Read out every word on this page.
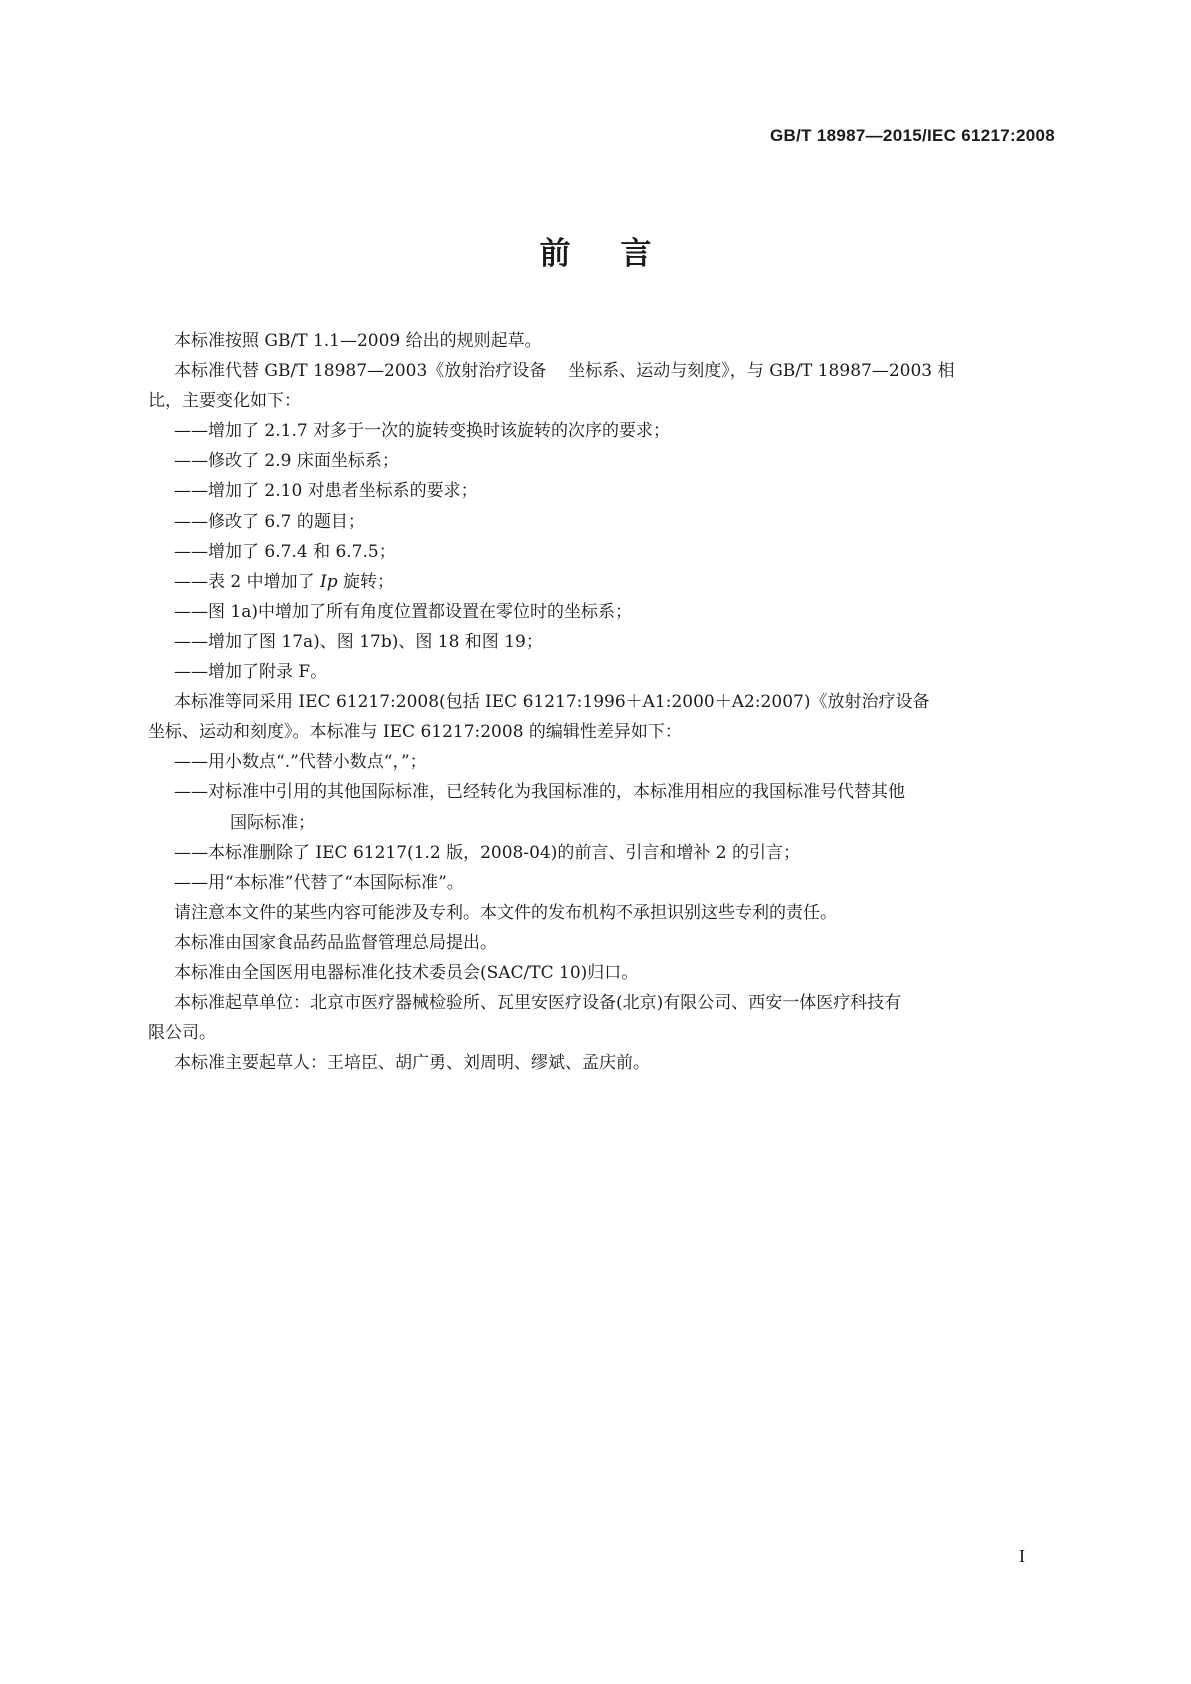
GB/T 18987—2015/IEC 61217:2008
前言
本标准按照 GB/T 1.1—2009 给出的规则起草。
本标准代替 GB/T 18987—2003《放射治疗设备 坐标系、运动与刻度》，与 GB/T 18987—2003 相
比，主要变化如下：
——增加了 2.1.7 对多于一次的旋转变换时该旋转的次序的要求；
——修改了 2.9 床面坐标系；
——增加了 2.10 对患者坐标系的要求；
——修改了 6.7 的题目；
——增加了 6.7.4 和 6.7.5；
——表 2 中增加了 Ip 旋转；
——图 1a)中增加了所有角度位置都设置在零位时的坐标系；
——增加了图 17a)、图 17b)、图 18 和图 19；
——增加了附录 F。
本标准等同采用 IEC 61217:2008(包括 IEC 61217:1996＋A1:2000＋A2:2007)《放射治疗设备
坐标、运动和刻度》。本标准与 IEC 61217:2008 的编辑性差异如下：
——用小数点“.”代替小数点“，”；
——对标准中引用的其他国际标准，已经转化为我国标准的，本标准用相应的我国标准号代替其他
国际标准；
——本标准删除了 IEC 61217(1.2 版，2008-04)的前言、引言和增补 2 的引言；
——用“本标准”代替了“本国际标准”。
请注意本文件的某些内容可能涉及专利。本文件的发布机构不承担识别这些专利的责任。
本标准由国家食品药品监督管理总局提出。
本标准由全国医用电器标准化技术委员会(SAC/TC 10)归口。
本标准起草单位：北京市医疗器械检验所、瓦里安医疗设备(北京)有限公司、西安一体医疗科技有
限公司。
本标准主要起草人：王培臣、胡广勇、刘周明、缪斌、孟庆前。
I
